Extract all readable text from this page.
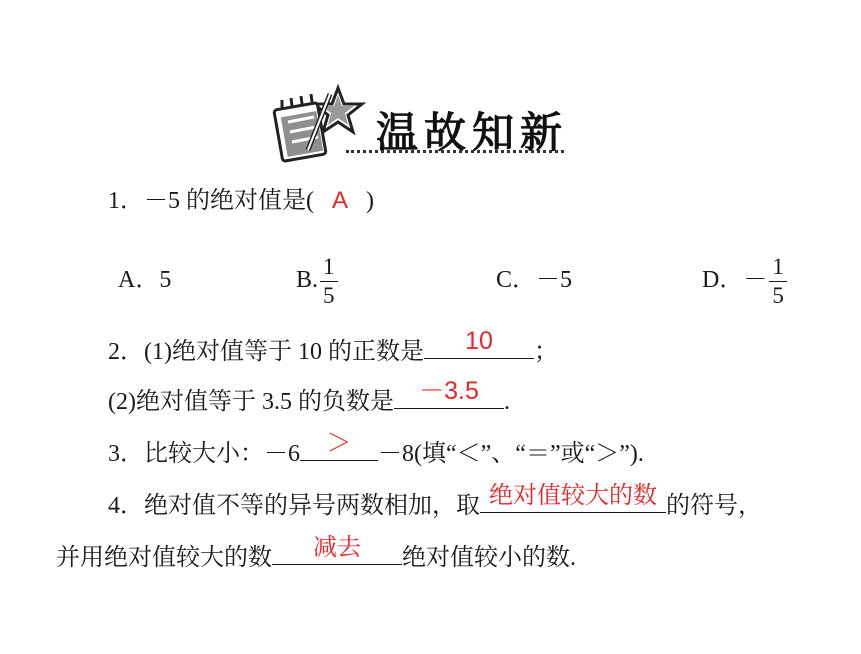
温故知新
1．－5 的绝对值是( A )
A．5	B. $\frac{1}{5}$	C．－5	D．－ $\frac{1}{5}$
2．(1)绝对值等于 10 的正数是	10	；
(2)绝对值等于 3.5 的负数是	－3.5	.
3．比较大小：－6	＞	－8(填“＜”、“＝”或“＞”).
4．绝对值不等的异号两数相加，取 绝对值较大的数 的符号，
并用绝对值较大的数	减去	绝对值较小的数.
